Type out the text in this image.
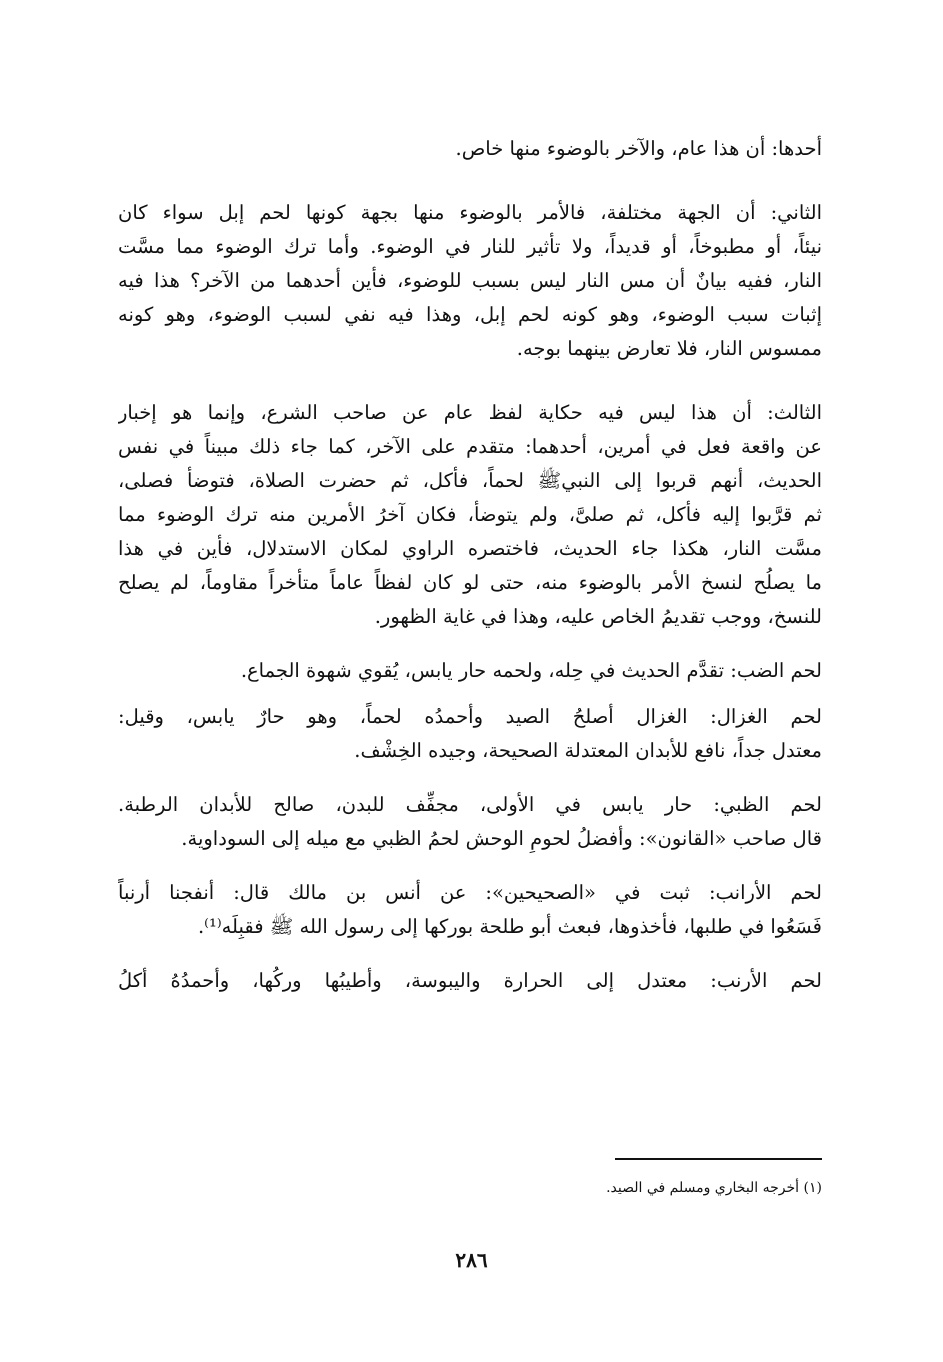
أحدها: أن هذا عام، والآخر بالوضوء منها خاص.

الثاني: أن الجهة مختلفة، فالأمر بالوضوء منها بجهة كونها لحم إبل سواء كان
نيئاً، أو مطبوخاً، أو قديداً، ولا تأثير للنار في الوضوء. وأما ترك الوضوء مما مسَّت
النار، ففيه بيانٌ أن مس النار ليس بسبب للوضوء، فأين أحدهما من الآخر؟ هذا فيه
إثبات سبب الوضوء، وهو كونه لحم إبل، وهذا فيه نفي لسبب الوضوء، وهو كونه
ممسوس النار، فلا تعارض بينهما بوجه.

الثالث: أن هذا ليس فيه حكاية لفظ عام عن صاحب الشرع، وإنما هو إخبار
عن واقعة فعل في أمرين، أحدهما: متقدم على الآخر، كما جاء ذلك مبيناً في نفس
الحديث، أنهم قربوا إلى النبيﷺ لحماً، فأكل، ثم حضرت الصلاة، فتوضأ فصلى،
ثم قرَّبوا إليه فأكل، ثم صلىَّ، ولم يتوضأ، فكان آخرُ الأمرين منه ترك الوضوء مما
مسَّت النار، هكذا جاء الحديث، فاختصره الراوي لمكان الاستدلال، فأين في هذا
ما يصلُح لنسخ الأمر بالوضوء منه، حتى لو كان لفظاً عاماً متأخراً مقاوماً، لم يصلح
للنسخ، ووجب تقديمُ الخاص عليه، وهذا في غاية الظهور.

لحم الضب: تقدَّم الحديث في حِله، ولحمه حار يابس، يُقوي شهوة الجماع.

لحم الغزال: الغزال أصلحُ الصيد وأحمدُه لحماً، وهو حارٌ يابس، وقيل:
معتدل جداً، نافع للأبدان المعتدلة الصحيحة، وجيده الخِشْف.

لحم الظبي: حار يابس في الأولى، مجفِّف للبدن، صالح للأبدان الرطبة.
قال صاحب «القانون»: وأفضلُ لحومِ الوحش لحمُ الظبي مع ميله إلى السوداوية.

لحم الأرانب: ثبت في «الصحيحين»: عن أنس بن مالك قال: أنفجنا أرنباً
فَسَعُوا في طلبها، فأخذوها، فبعث أبو طلحة بوركها إلى رسول الله ﷺ فقبِلَه⁽¹⁾.

لحم الأرنب: معتدل إلى الحرارة واليبوسة، وأطيبُها وركُها، وأحمدُهُ أكلُ

(١) أخرجه البخاري ومسلم في الصيد.
٢٨٦
